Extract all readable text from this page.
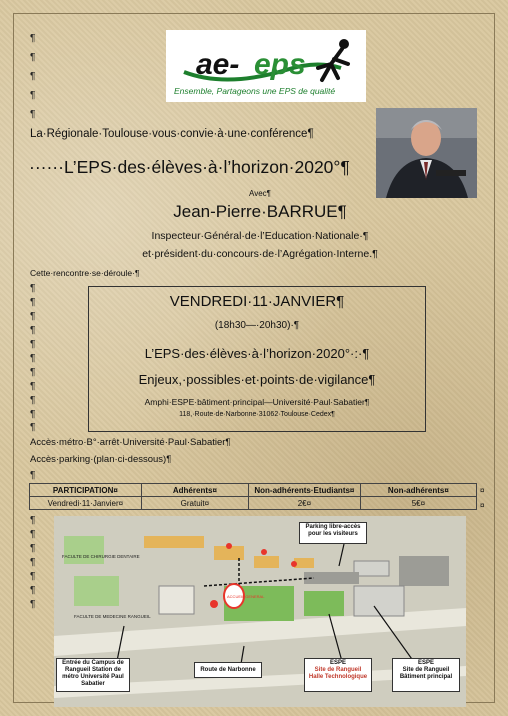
¶
¶
¶
¶
¶
ae- eps
Ensemble, Partageons une EPS de qualité
La·Régionale·Toulouse·vous·convie·à·une·conférence¶
······L’EPS·des·élèves·à·l’horizon·2020°¶
Avec¶
Jean-Pierre·BARRUE¶
Inspecteur·Général·de·l’Education·Nationale·¶
et·président·du·concours·de·l’Agrégation·Interne.¶
Cette·rencontre·se·déroule·¶
¶
¶
¶
¶
¶
¶
¶
¶
¶
¶
¶
VENDREDI·11·JANVIER¶
(18h30—·20h30)·¶
L’EPS·des·élèves·à·l’horizon·2020°·:·¶
Enjeux,·possibles·et·points·de·vigilance¶
Amphi·ESPE·bâtiment·principal—Université·Paul·Sabatier¶
118,·Route·de·Narbonne·31062·Toulouse·Cedex¶
Accès·métro·B°·arrêt·Université·Paul·Sabatier¶
Accès·parking·(plan·ci-dessous)¶
¶
PARTICIPATION¤	Adhérents¤	Non-adhérents·Etudiants¤	Non-adhérents¤
Vendredi·11·Janvier¤	Gratuit¤	2€¤	5€¤
¤
¤
¶
¶
¶
¶
¶
¶
¶
ACCUEIL GENERAL
FACULTE DE CHIRURGIE DENTAIRE
FACULTE DE MEDECINE RANGUEIL
Parking libre-accès pour les visiteurs
Entrée du Campus de Rangueil Station de métro Université Paul Sabatier
Route de Narbonne
ESPE
Site de Rangueil Halle Technologique
ESPE
Site de Rangueil Bâtiment principal
